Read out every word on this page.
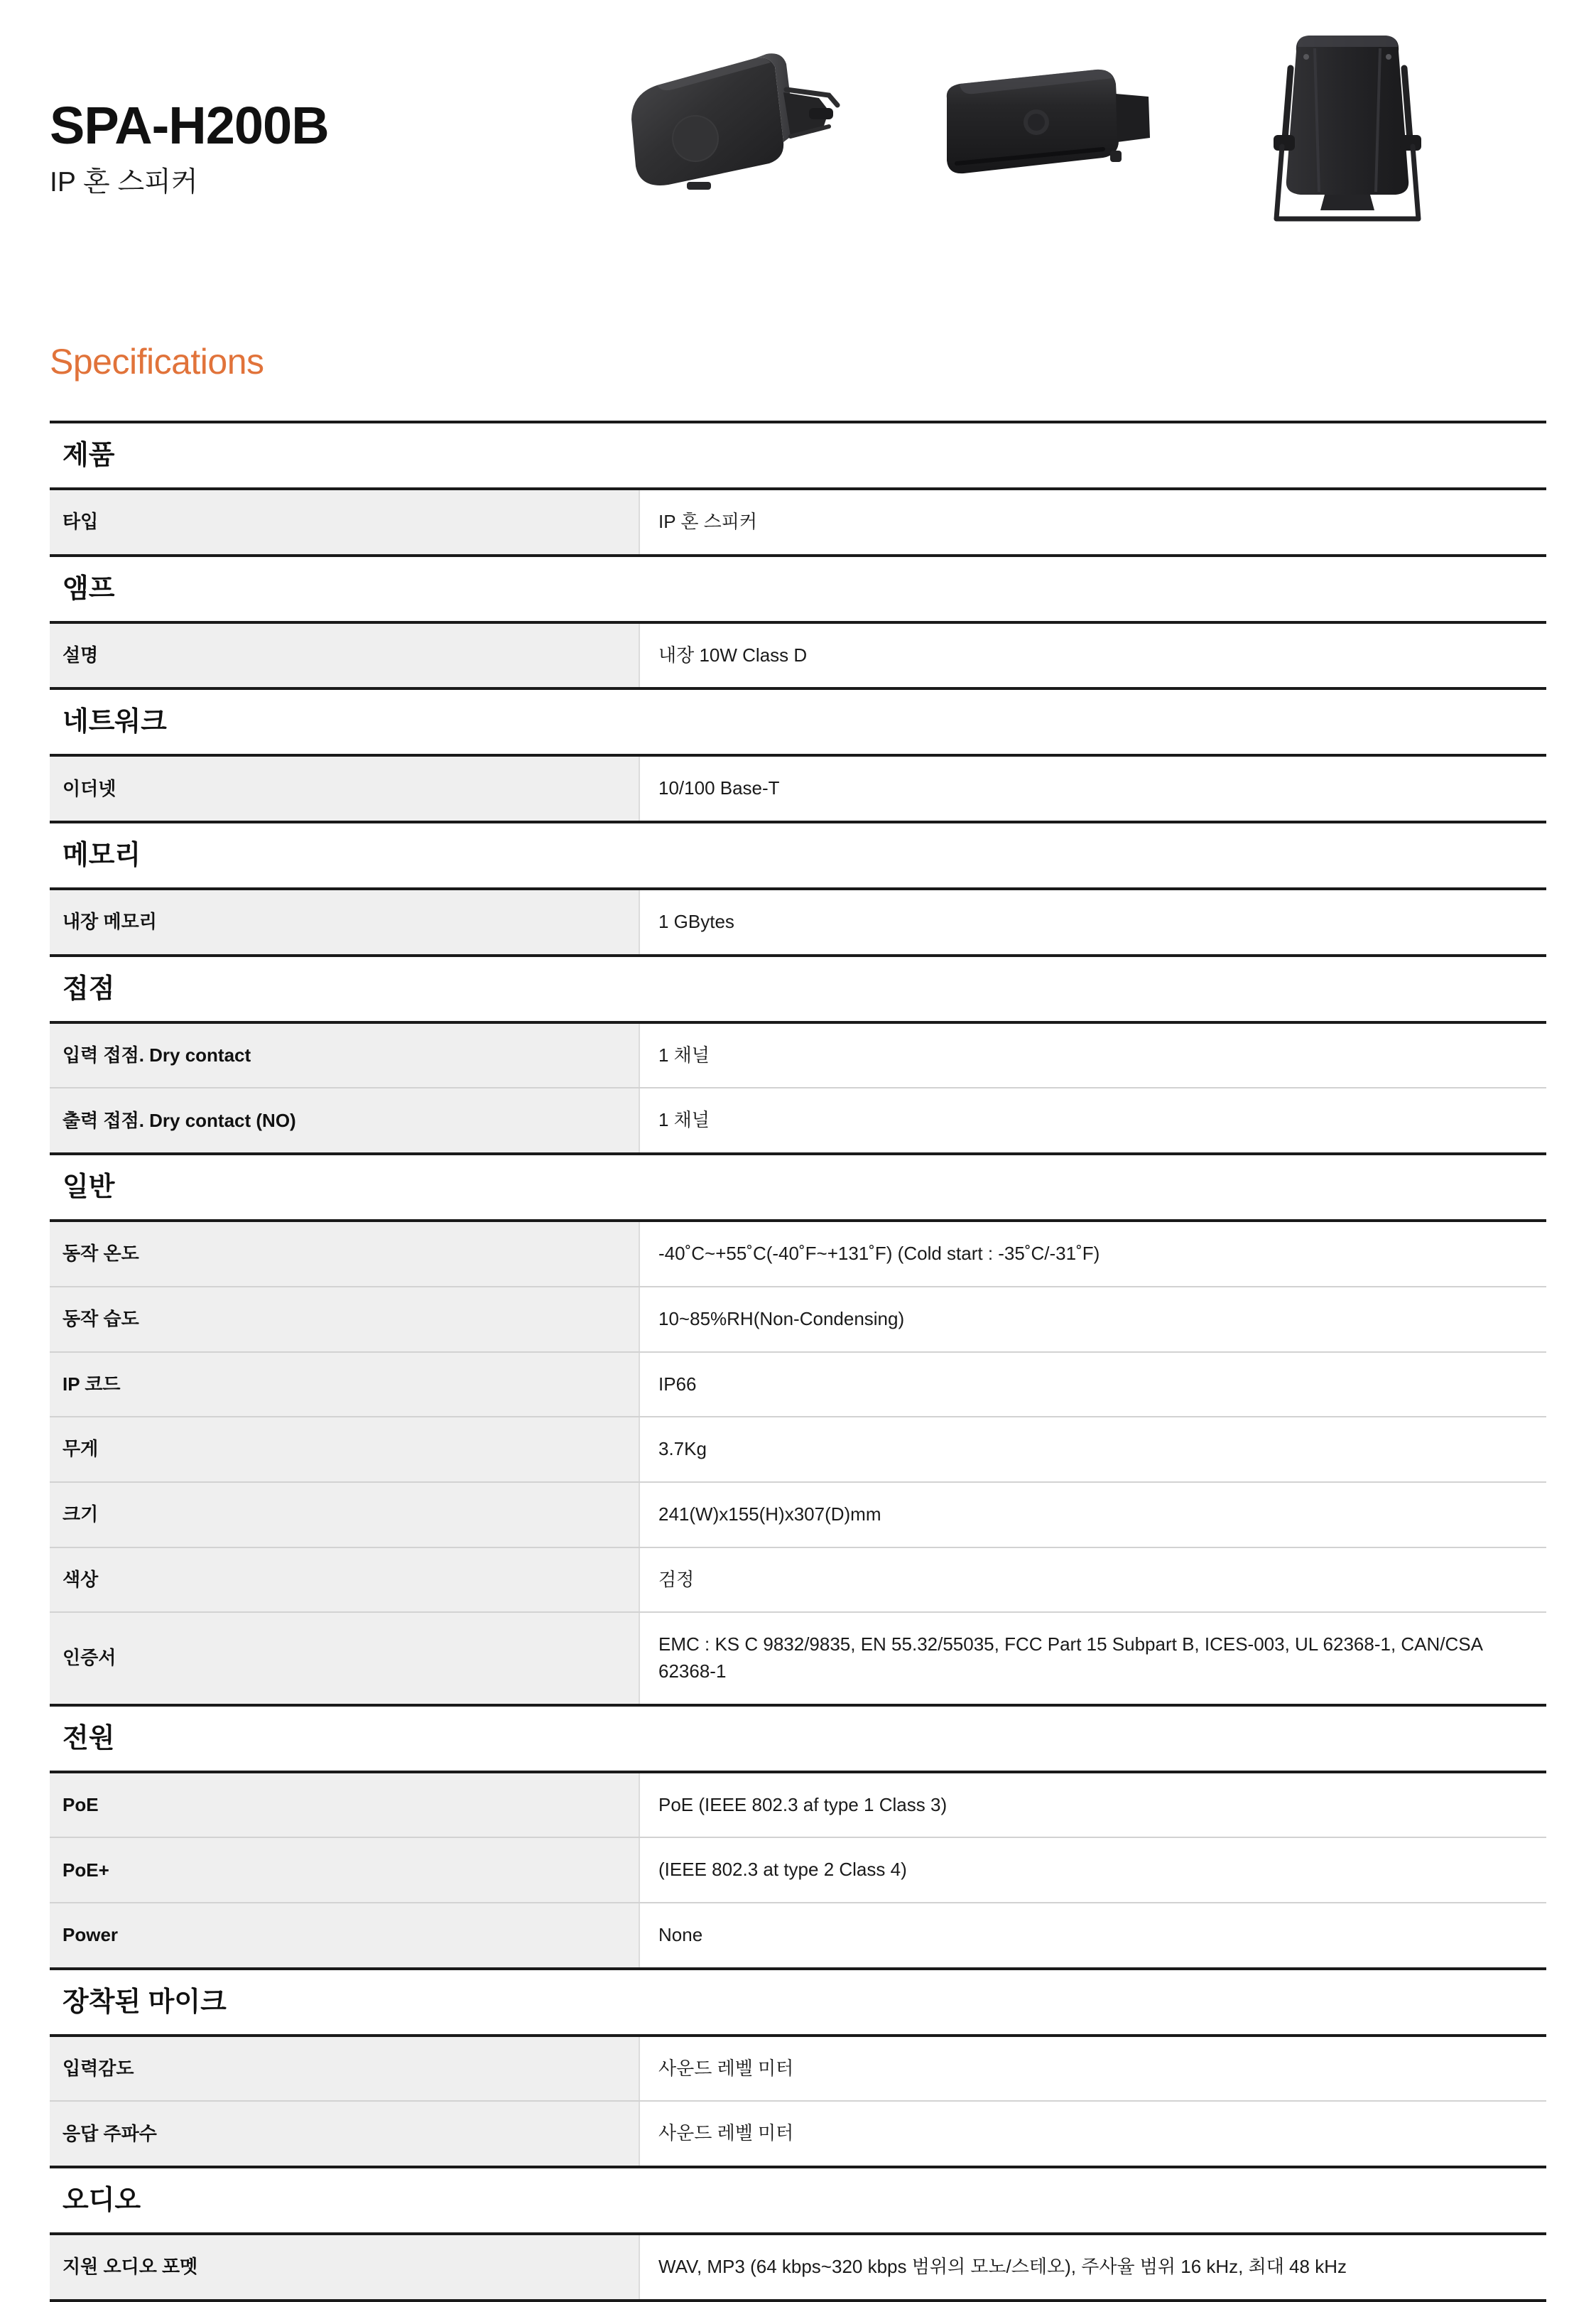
SPA-H200B
IP 혼 스피커
Specifications
제품	

타입	IP 혼 스피커

앰프	

설명	내장 10W Class D

네트워크	

이더넷	10/100 Base-T

메모리	

내장 메모리	1 GBytes

접점	

입력 접점. Dry contact	1 채널
출력 접점. Dry contact (NO)	1 채널

일반	

동작 온도	-40˚C~+55˚C(-40˚F~+131˚F) (Cold start : -35˚C/-31˚F)
동작 습도	10~85%RH(Non-Condensing)
IP 코드	IP66
무게	3.7Kg
크기	241(W)x155(H)x307(D)mm
색상	검정
인증서	EMC : KS C 9832/9835, EN 55.32/55035, FCC Part 15 Subpart B, ICES-003, UL 62368-1, CAN/CSA 62368-1

전원	

PoE	PoE (IEEE 802.3 af type 1 Class 3)
PoE+	(IEEE 802.3 at type 2 Class 4)
Power	None

장착된 마이크	

입력감도	사운드 레벨 미터
응답 주파수	사운드 레벨 미터

오디오	

지원 오디오 포멧	WAV, MP3 (64 kbps~320 kbps 범위의 모노/스테오), 주사율 범위 16 kHz, 최대 48 kHz
